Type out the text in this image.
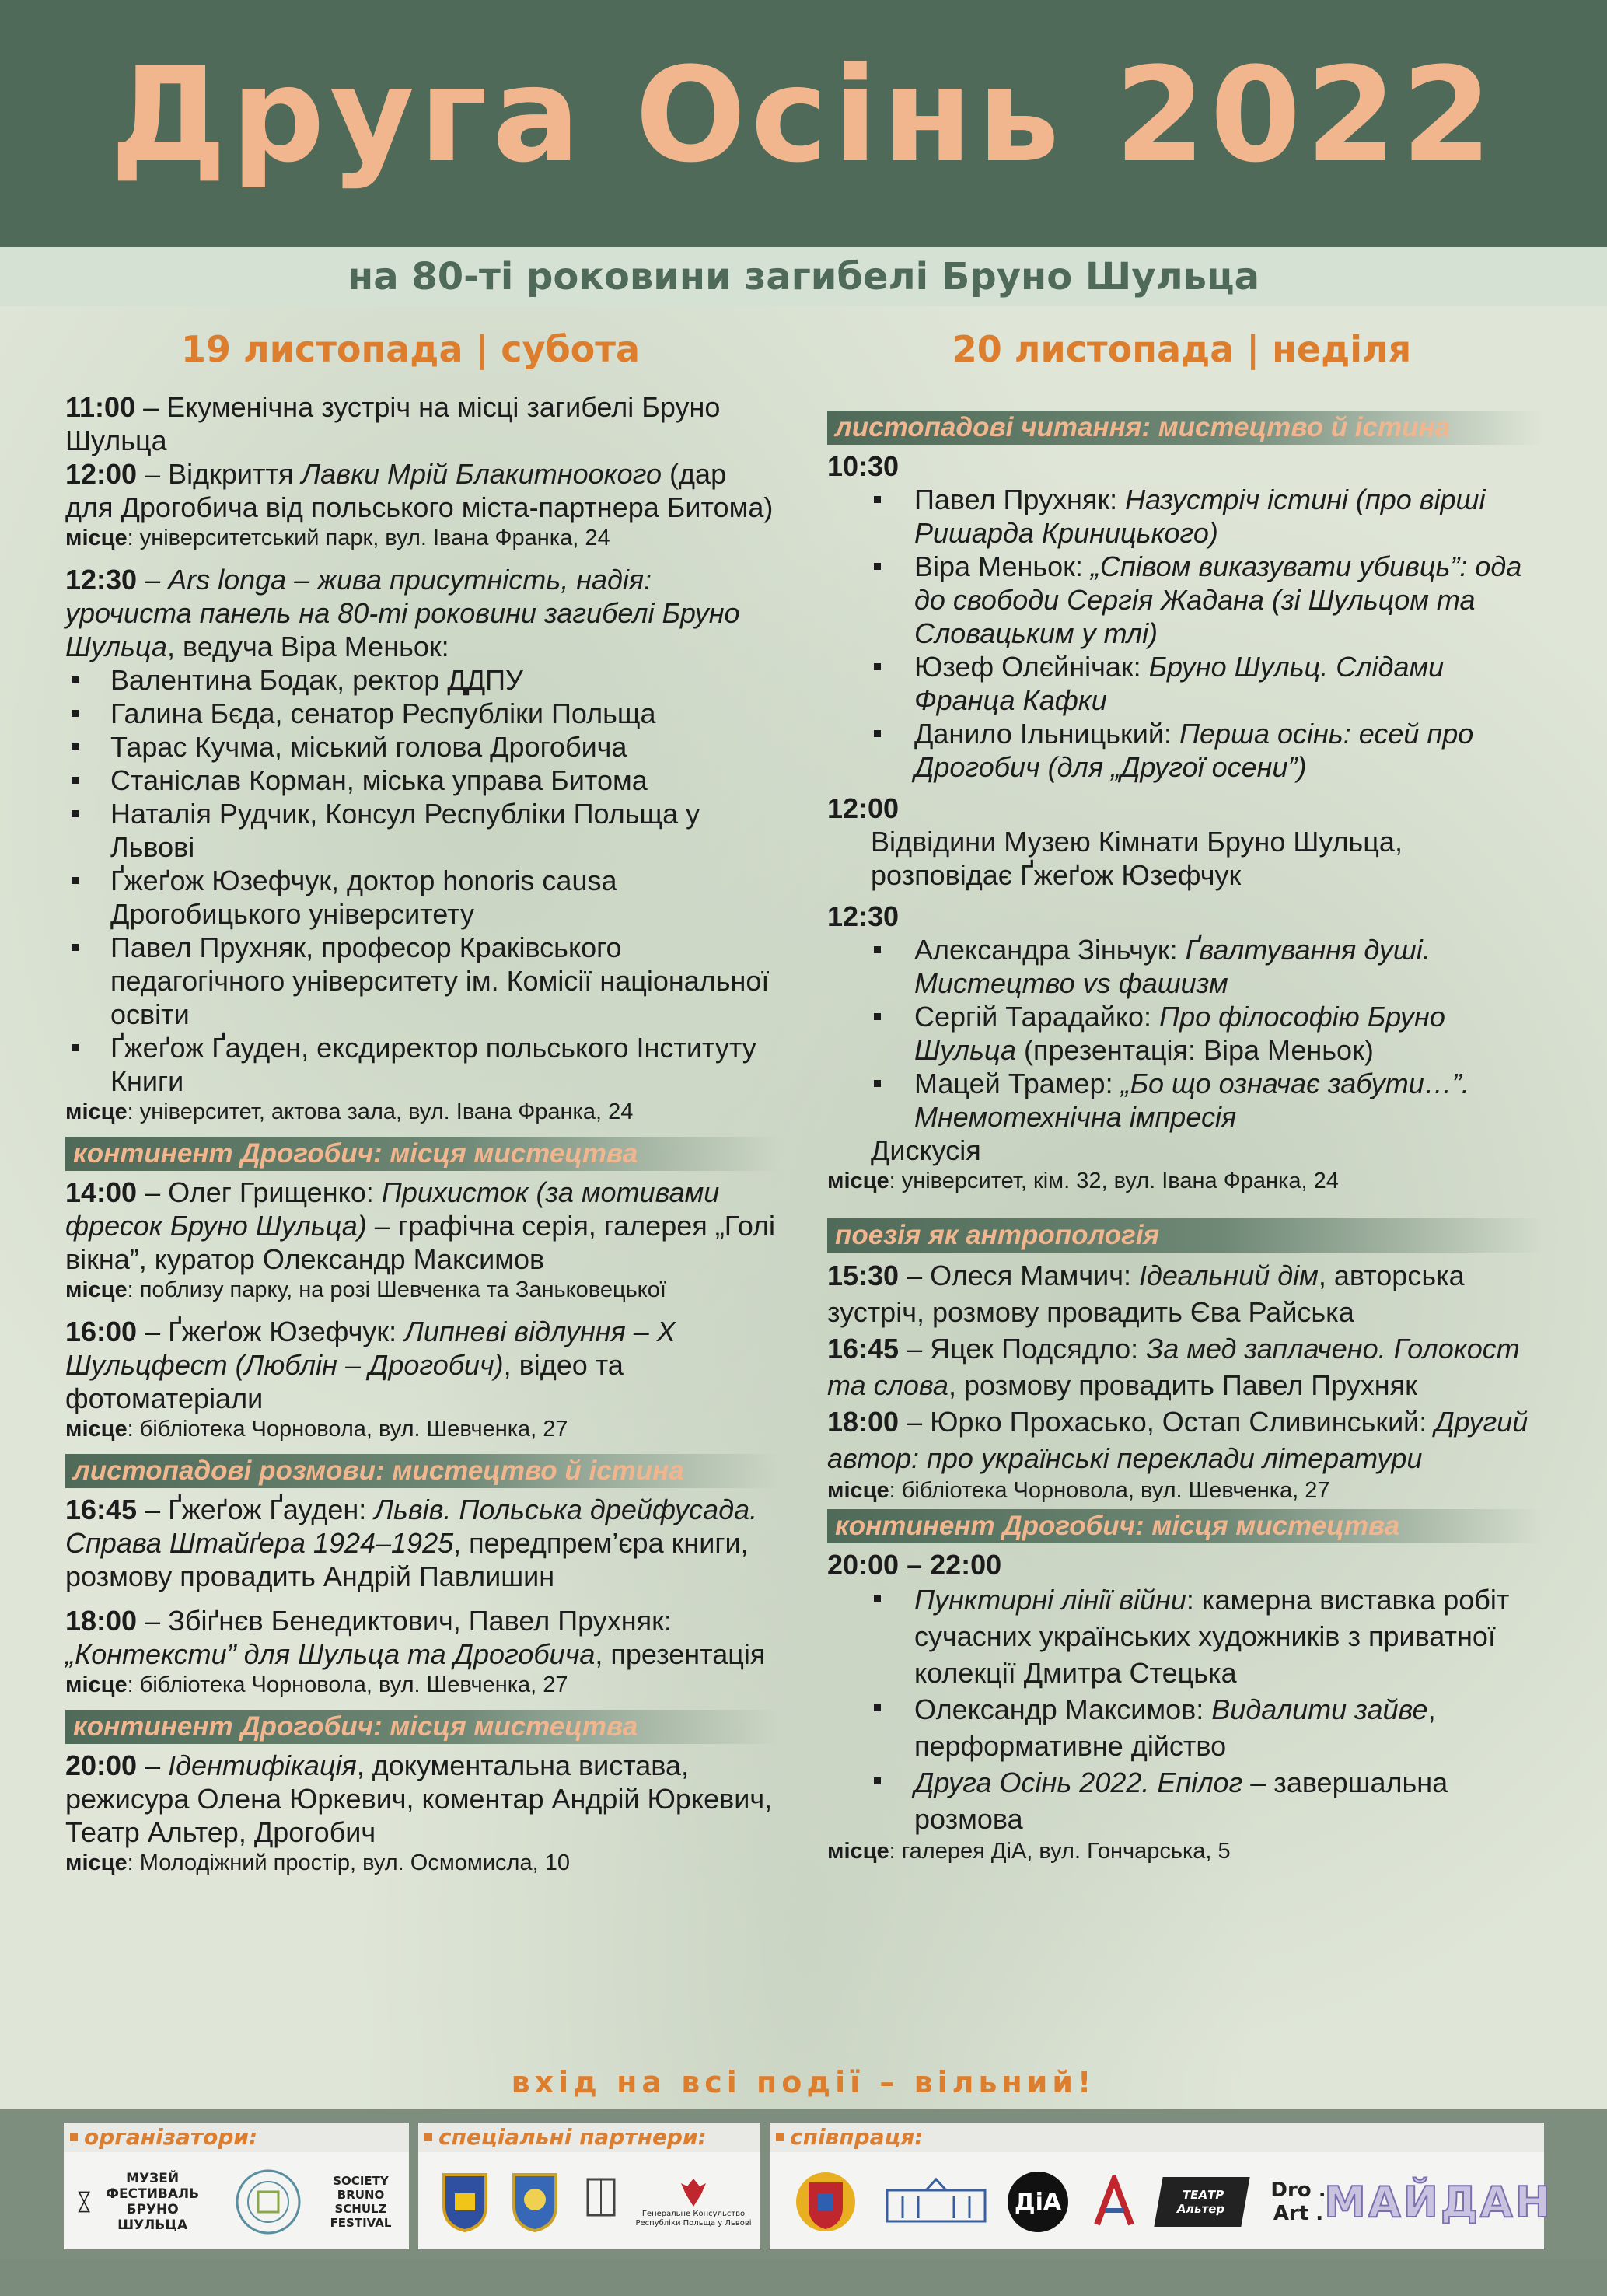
Друга Осінь 2022
на 80-ті роковини загибелі Бруно Шульца
19 листопада | субота	20 листопада | неділя

11:00 – Екуменічна зустріч на місці загибелі Бруно Шульца

12:00 – Відкриття Лавки Мрій Блакитноокого (дар для Дрогобича від польського міста-партнера Битома)

місце: університетський парк, вул. Івана Франка, 24

12:30 – Ars longa – жива присутність, надія: урочиста панель на 80-ті роковини загибелі Бруно Шульца, ведуча Віра Меньок:

Валентина Бодак, ректор ДДПУ
Галина Бєда, сенатор Республіки Польща
Тарас Кучма, міський голова Дрогобича
Станіслав Корман, міська управа Битома
Наталія Рудчик, Консул Республіки Польща у Львові
Ґжеґож Юзефчук, доктор honoris causa Дрогобицького університету
Павел Прухняк, професор Краківського педагогічного університету ім. Комісії національної освіти
Ґжеґож Ґауден, ексдиректор польського Інституту Книги

місце: університет, актова зала, вул. Івана Франка, 24

континент Дрогобич: місця мистецтва

14:00 – Олег Грищенко: Прихисток (за мотивами фресок Бруно Шульца) – графічна серія, галерея „Голі вікна”, куратор Олександр Максимов

місце: поблизу парку, на розі Шевченка та Заньковецької

16:00 – Ґжеґож Юзефчук: Липневі відлуння – X Шульцфест (Люблін – Дрогобич), відео та фотоматеріали

місце: бібліотека Чорновола, вул. Шевченка, 27

листопадові розмови: мистецтво й істина

16:45 – Ґжеґож Ґауден: Львів. Польська дрейфусада. Справа Штайґера 1924–1925, передпрем’єра книги, розмову провадить Андрій Павлишин

18:00 – Збіґнєв Бенедиктович, Павел Прухняк: „Контексти” для Шульца та Дрогобича, презентація

місце: бібліотека Чорновола, вул. Шевченка, 27

континент Дрогобич: місця мистецтва

20:00 – Ідентифікація, документальна вистава, режисура Олена Юркевич, коментар Андрій Юркевич, Театр Альтер, Дрогобич

місце: Молодіжний простір, вул. Осмомисла, 10

листопадові читання: мистецтво й істина

10:30

Павел Прухняк: Назустріч істині (про вірші Ришарда Криницького)
Віра Меньок: „Співом виказувати убивць”: ода до свободи Сергія Жадана (зі Шульцом та Словацьким у тлі)
Юзеф Олєйнічак: Бруно Шульц. Слідами Франца Кафки
Данило Ільницький: Перша осінь: есей про Дрогобич (для „Другої осени”)

12:00

Відвідини Музею Кімнати Бруно Шульца, розповідає Ґжеґож Юзефчук

12:30

Александра Зіньчук: Ґвалтування душі. Мистецтво vs фашизм
Сергій Тарадайко: Про філософію Бруно Шульца (презентація: Віра Меньок)
Мацей Трамер: „Бо що означає забути…”. Мнемотехнічна імпресія

Дискусія

місце: університет, кім. 32, вул. Івана Франка, 24

поезія як антропологія

15:30 – Олеся Мамчич: Ідеальний дім, авторська зустріч, розмову провадить Єва Райська

16:45 – Яцек Подсядло: За мед заплачено. Голокост та слова, розмову провадить Павел Прухняк

18:00 – Юрко Прохасько, Остап Сливинський: Другий автор: про українські переклади літератури

місце: бібліотека Чорновола, вул. Шевченка, 27

континент Дрогобич: місця мистецтва

20:00 – 22:00

Пунктирні лінії війни: камерна виставка робіт сучасних українських художників з приватної колекції Дмитра Стецька
Олександр Максимов: Видалити зайве, перформативне дійство
Друга Осінь 2022. Епілог – завершальна розмова

місце: галерея ДіА, вул. Гончарська, 5

вхід на всі події – вільний!
організатори:
МУЗЕЙ ФЕСТИВАЛЬ БРУНО ШУЛЬЦА
SOCIETY BRUNO SCHULZ FESTIVAL
спеціальні партнери:
Генеральне Консульство Республіки Польща у Львові
співпраця:
ДіА	ТЕАТР Альтер
Dro . Art . МАЙДАН
